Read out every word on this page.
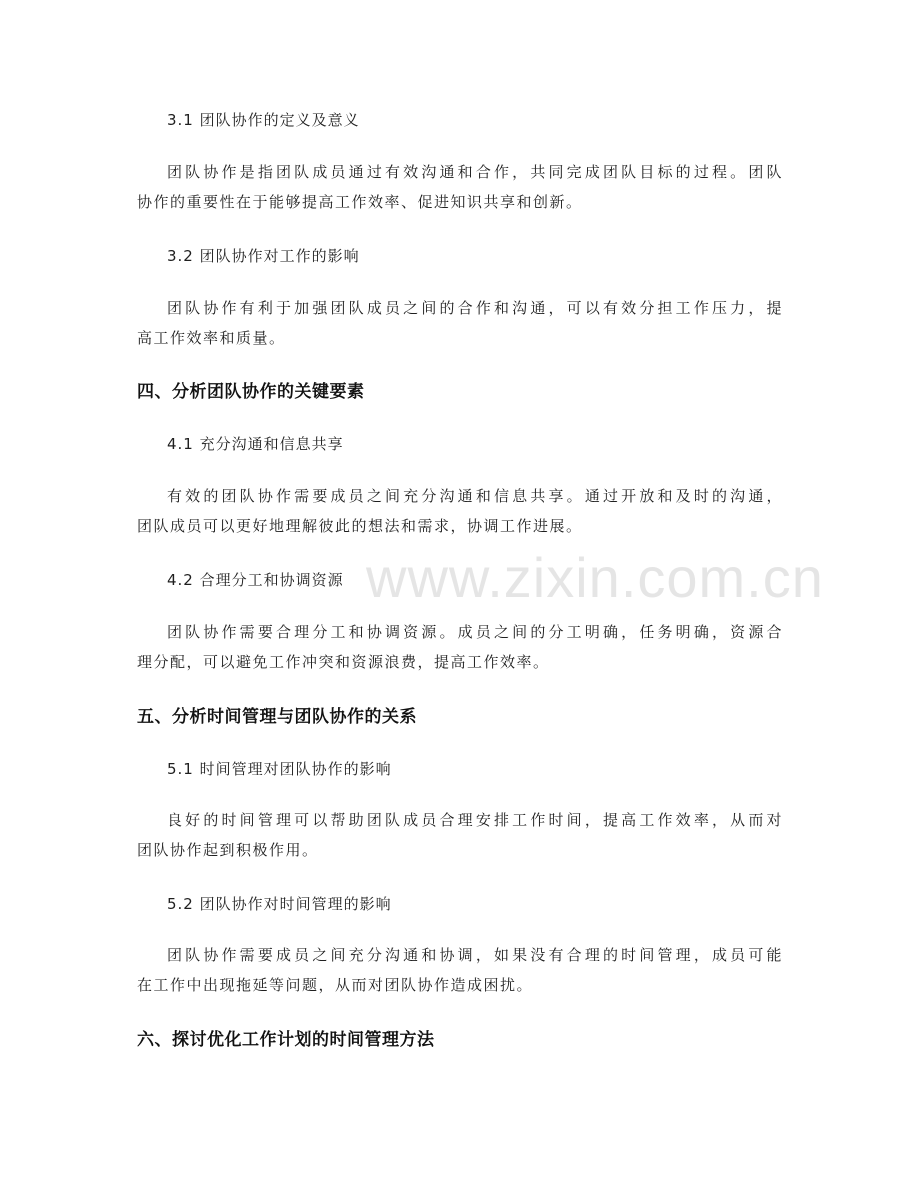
3.1 团队协作的定义及意义
团队协作是指团队成员通过有效沟通和合作，共同完成团队目标的过程。团队
协作的重要性在于能够提高工作效率、促进知识共享和创新。
3.2 团队协作对工作的影响
团队协作有利于加强团队成员之间的合作和沟通，可以有效分担工作压力，提
高工作效率和质量。
四、分析团队协作的关键要素
4.1 充分沟通和信息共享
有效的团队协作需要成员之间充分沟通和信息共享。通过开放和及时的沟通，
团队成员可以更好地理解彼此的想法和需求，协调工作进展。
4.2 合理分工和协调资源
团队协作需要合理分工和协调资源。成员之间的分工明确，任务明确，资源合
理分配，可以避免工作冲突和资源浪费，提高工作效率。
五、分析时间管理与团队协作的关系
5.1 时间管理对团队协作的影响
良好的时间管理可以帮助团队成员合理安排工作时间，提高工作效率，从而对
团队协作起到积极作用。
5.2 团队协作对时间管理的影响
团队协作需要成员之间充分沟通和协调，如果没有合理的时间管理，成员可能
在工作中出现拖延等问题，从而对团队协作造成困扰。
六、探讨优化工作计划的时间管理方法
www.zixin.com.cn
